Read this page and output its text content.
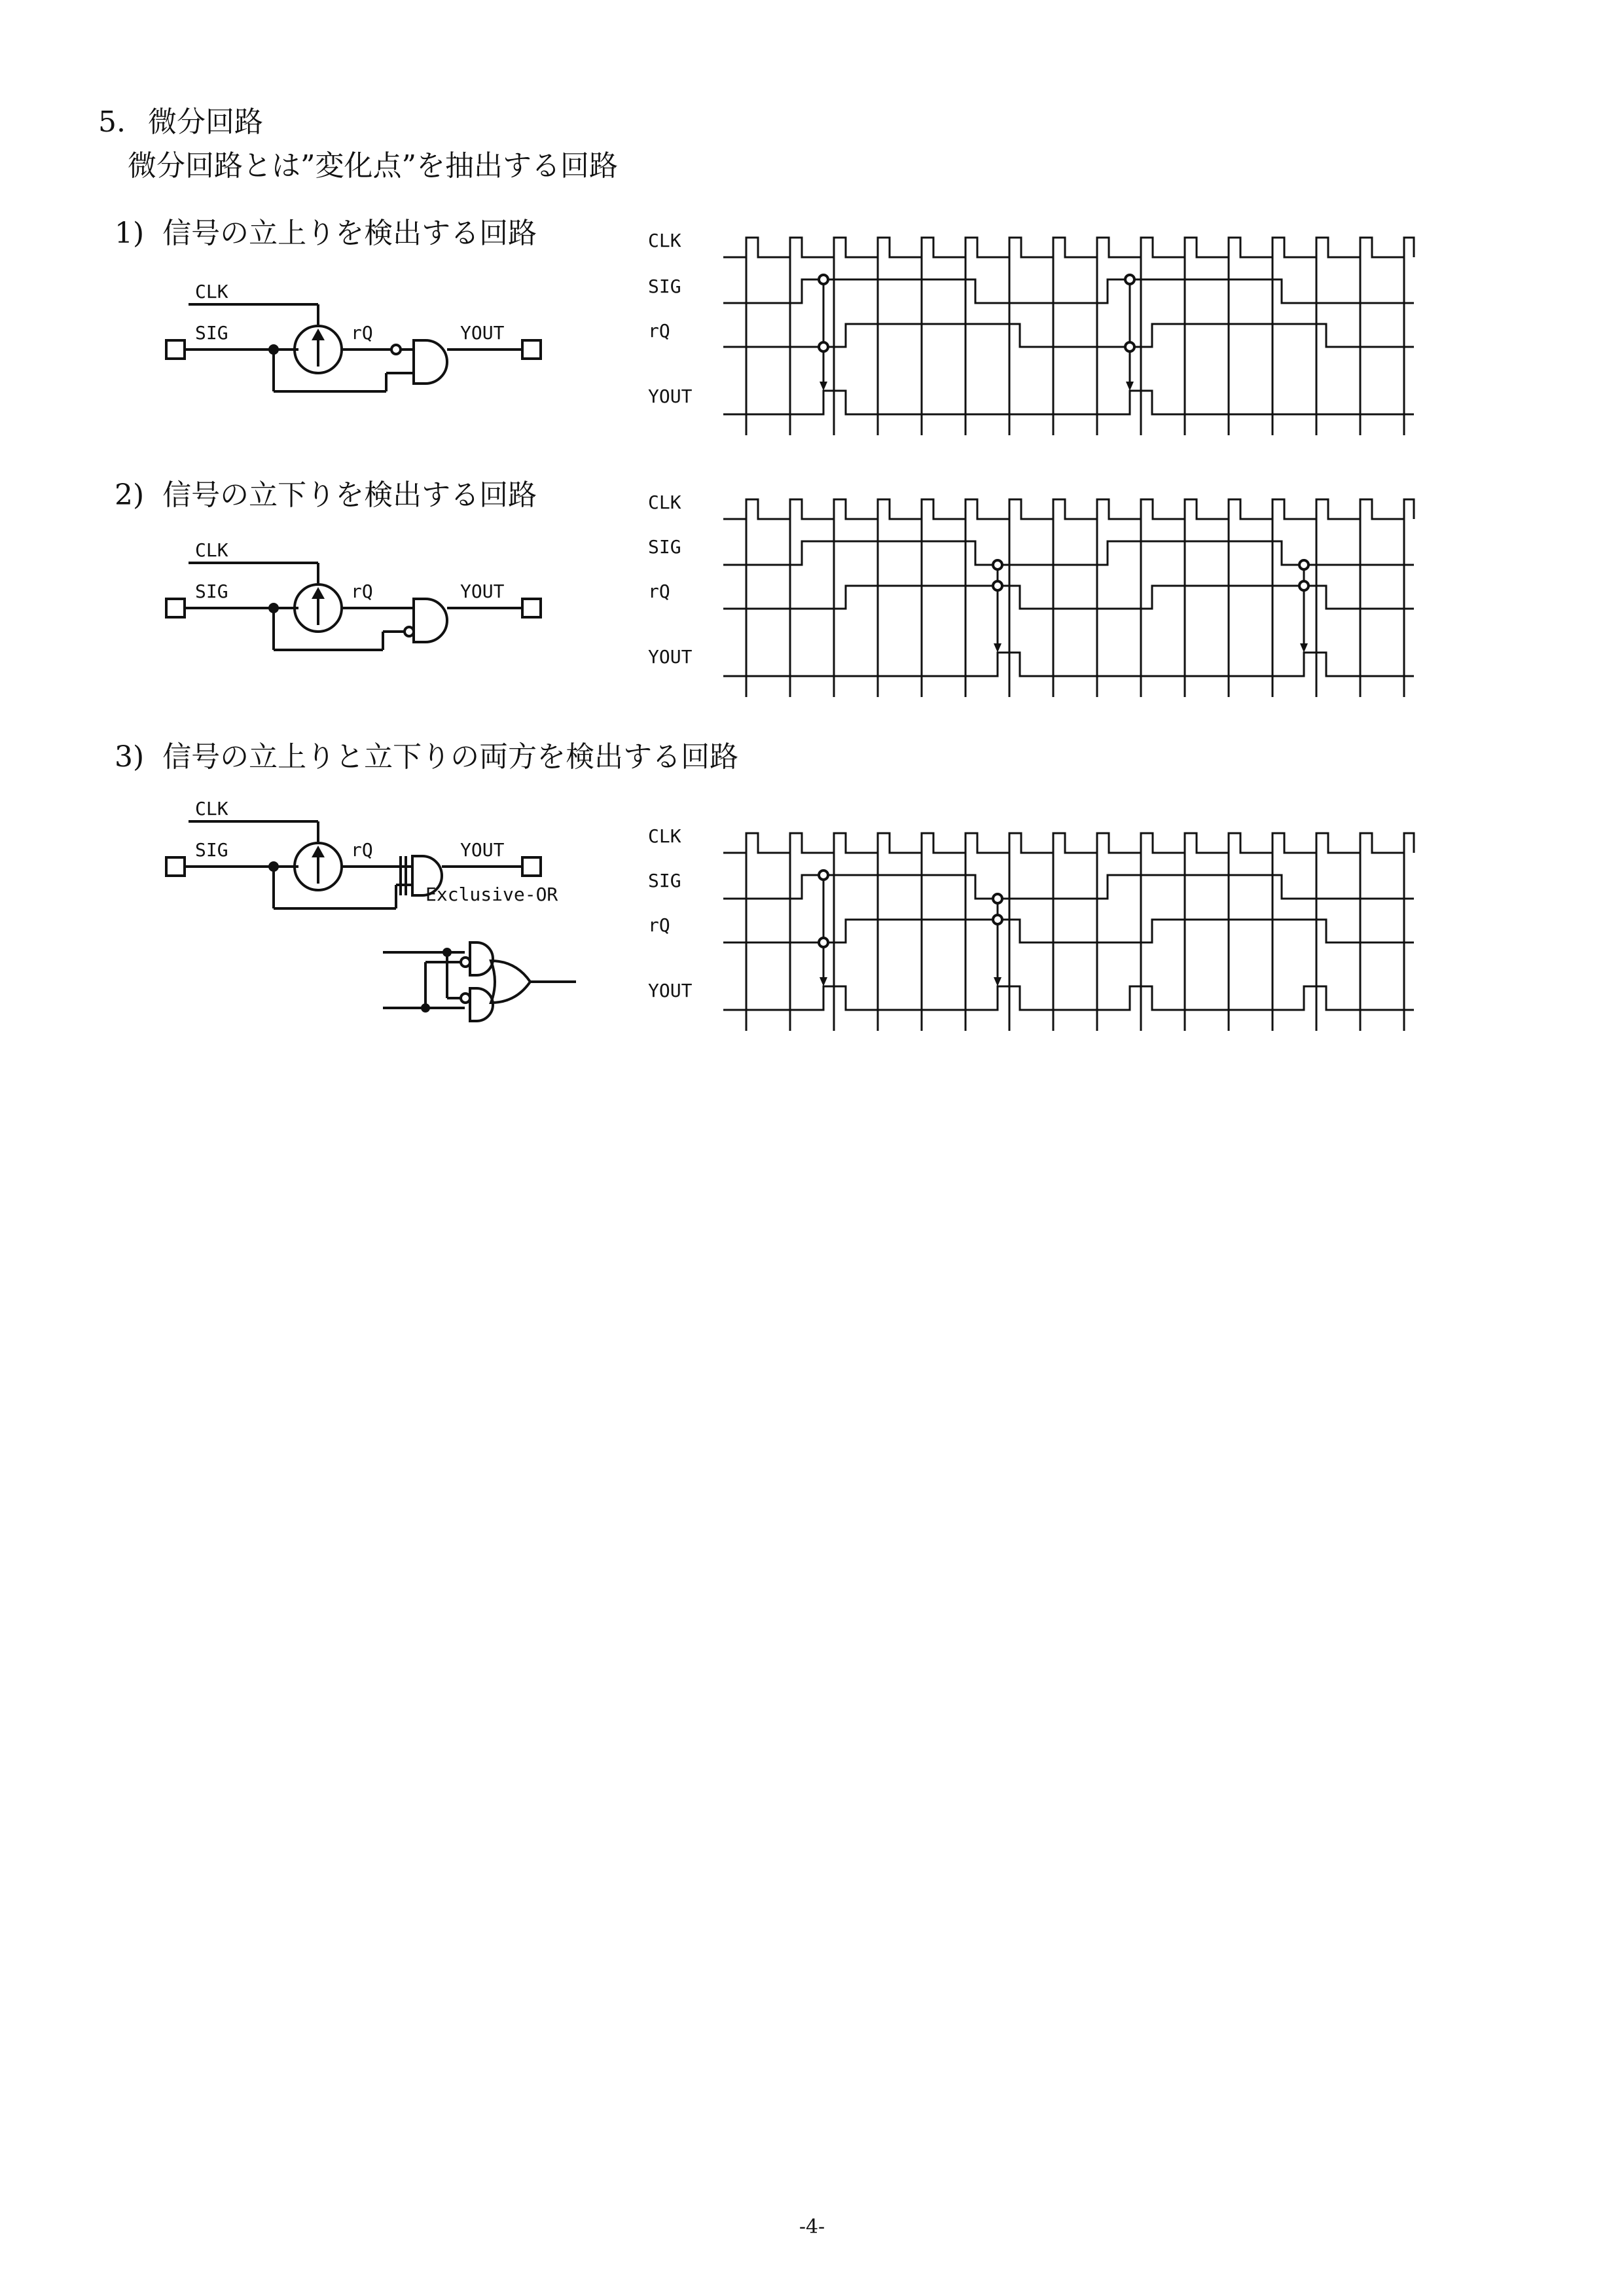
5. 微分回路
微分回路とは”変化点”を抽出する回路
1) 信号の立上りを検出する回路
2) 信号の立下りを検出する回路
3) 信号の立上りと立下りの両方を検出する回路
CLK
SIG	rQ	YOUT
CLK
SIG	rQ	YOUT
CLK
SIG	rQ	YOUT
Exclusive-OR
CLK
SIG
rQ
YOUT
CLK
SIG
rQ
YOUT
CLK
SIG
rQ
YOUT
-4-
